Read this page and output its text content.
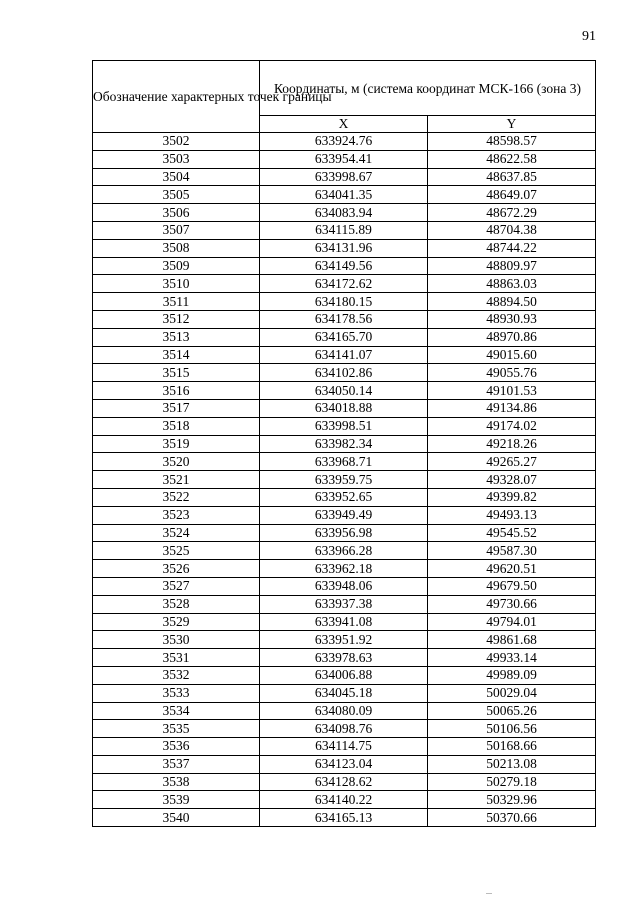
91
Обозначение характерных точек границы	Координаты, м (система координат МСК-166 (зона 3)	
	X	Y
3502	633924.76	48598.57
3503	633954.41	48622.58
3504	633998.67	48637.85
3505	634041.35	48649.07
3506	634083.94	48672.29
3507	634115.89	48704.38
3508	634131.96	48744.22
3509	634149.56	48809.97
3510	634172.62	48863.03
3511	634180.15	48894.50
3512	634178.56	48930.93
3513	634165.70	48970.86
3514	634141.07	49015.60
3515	634102.86	49055.76
3516	634050.14	49101.53
3517	634018.88	49134.86
3518	633998.51	49174.02
3519	633982.34	49218.26
3520	633968.71	49265.27
3521	633959.75	49328.07
3522	633952.65	49399.82
3523	633949.49	49493.13
3524	633956.98	49545.52
3525	633966.28	49587.30
3526	633962.18	49620.51
3527	633948.06	49679.50
3528	633937.38	49730.66
3529	633941.08	49794.01
3530	633951.92	49861.68
3531	633978.63	49933.14
3532	634006.88	49989.09
3533	634045.18	50029.04
3534	634080.09	50065.26
3535	634098.76	50106.56
3536	634114.75	50168.66
3537	634123.04	50213.08
3538	634128.62	50279.18
3539	634140.22	50329.96
3540	634165.13	50370.66
